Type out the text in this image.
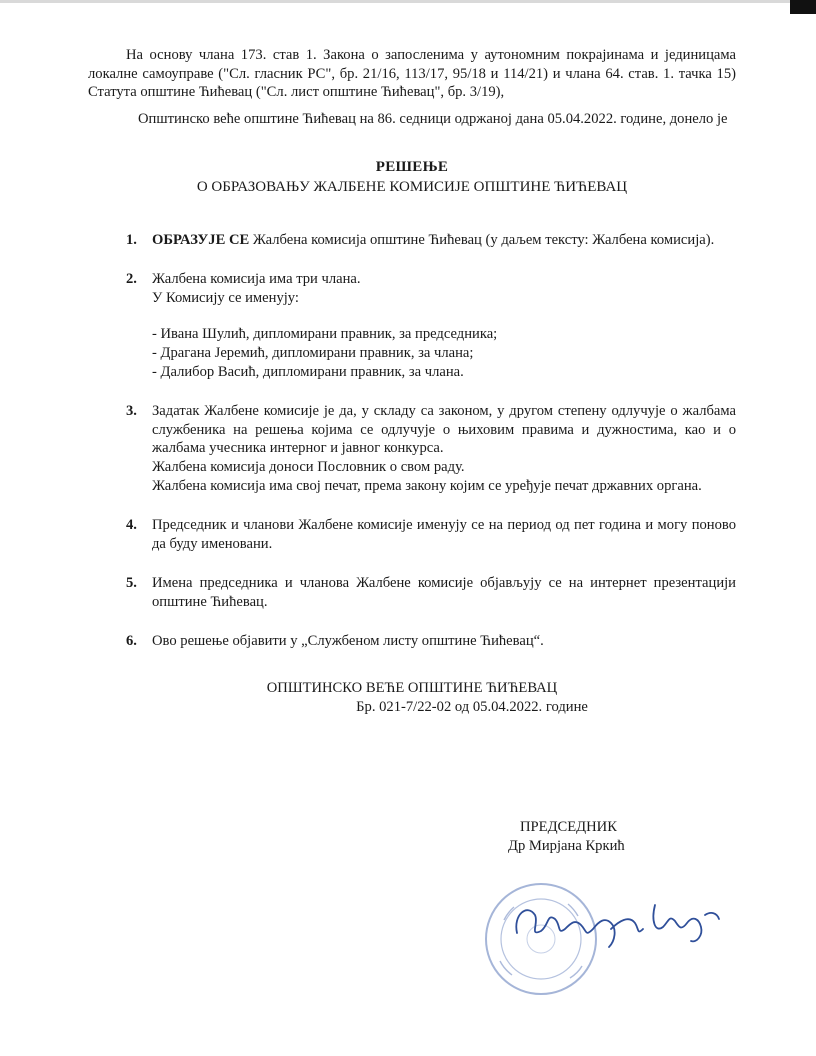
На основу члана 173. став 1. Закона о запосленима у аутономним покрајинама и јединицама локалне самоуправе ("Сл. гласник РС", бр. 21/16, 113/17, 95/18 и 114/21) и члана 64. став. 1. тачка 15) Статута општине Ћићевац ("Сл. лист општине Ћићевац", бр. 3/19),

Општинско веће општине Ћићевац на 86. седници одржаној дана 05.04.2022. године, донело је

РЕШЕЊЕ
О ОБРАЗОВАЊУ ЖАЛБЕНЕ КОМИСИЈЕ ОПШТИНЕ ЋИЋЕВАЦ
1. ОБРАЗУЈЕ СЕ Жалбена комисија општине Ћићевац (у даљем тексту: Жалбена комисија).
2. Жалбена комисија има три члана.
У Комисију се именују:
- Ивана Шулић, дипломирани правник, за председника;
- Драгана Јеремић, дипломирани правник, за члана;
- Далибор Васић, дипломирани правник, за члана.
3. Задатак Жалбене комисије је да, у складу са законом, у другом степену одлучује о жалбама службеника на решења којима се одлучује о њиховим правима и дужностима, као и о жалбама учесника интерног и јавног конкурса.
Жалбена комисија доноси Пословник о свом раду.
Жалбена комисија има свој печат, према закону којим се уређује печат државних органа.
4. Председник и чланови Жалбене комисије именују се на период од пет година и могу поново да буду именовани.
5. Имена председника и чланова Жалбене комисије објављују се на интернет презентацији општине Ћићевац.
6. Ово решење објавити у „Службеном листу општине Ћићевац“.
ОПШТИНСКО ВЕЋЕ ОПШТИНЕ ЋИЋЕВАЦ
Бр. 021-7/22-02 од 05.04.2022. године
ПРЕДСЕДНИК
Др Мирјана Кркић
